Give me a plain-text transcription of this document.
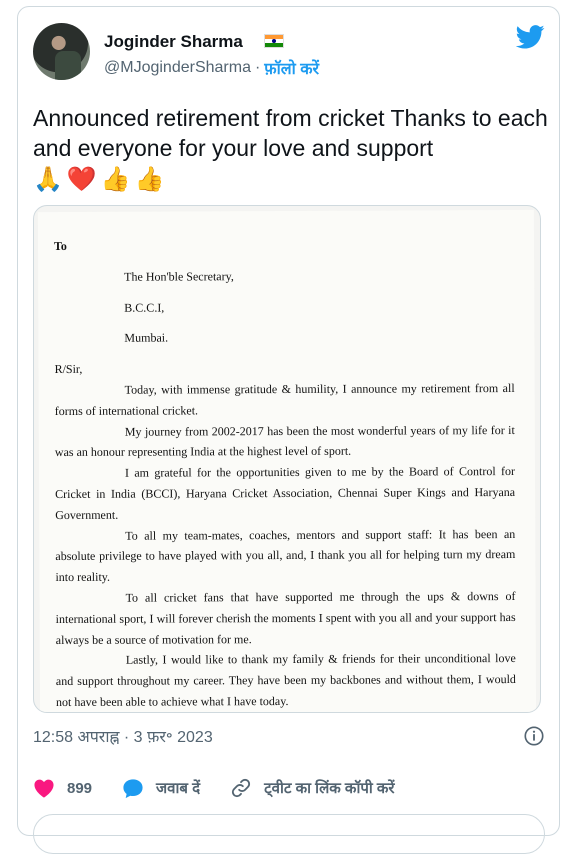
Joginder Sharma
@MJoginderSharma · फ़ॉलो करें
Announced retirement from cricket Thanks to each and everyone for your love and support
🙏 ❤️ 👍 👍

To

The Hon'ble Secretary,

B.C.C.I,

Mumbai.

R/Sir,

Today, with immense gratitude & humility, I announce my retirement from all forms of international cricket.

My journey from 2002-2017 has been the most wonderful years of my life for it was an honour representing India at the highest level of sport.

I am grateful for the opportunities given to me by the Board of Control for Cricket in India (BCCI), Haryana Cricket Association, Chennai Super Kings and Haryana Government.

To all my team-mates, coaches, mentors and support staff: It has been an absolute privilege to have played with you all, and, I thank you all for helping turn my dream into reality.

To all cricket fans that have supported me through the ups & downs of international sport, I will forever cherish the moments I spent with you all and your support has always be a source of motivation for me.

Lastly, I would like to thank my family & friends for their unconditional love and support throughout my career. They have been my backbones and without them, I would not have been able to achieve what I have today.

12:58 अपराह्न · 3 फ़र॰ 2023
899	जवाब दें	ट्वीट का लिंक कॉपी करें
